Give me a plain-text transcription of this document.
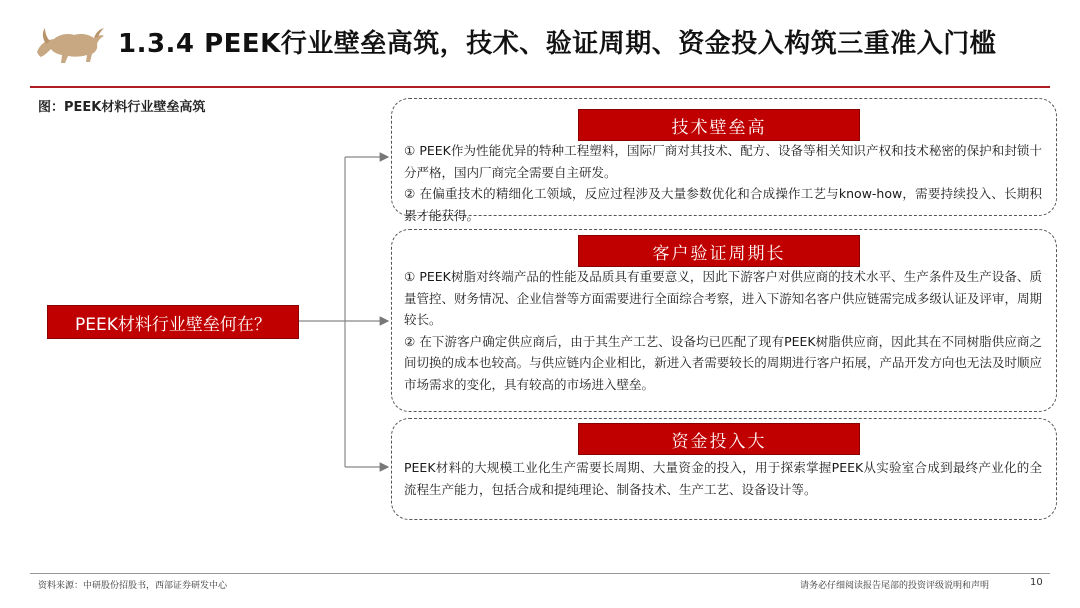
1.3.4 PEEK行业壁垒高筑，技术、验证周期、资金投入构筑三重准入门槛
图：PEEK材料行业壁垒高筑
PEEK材料行业壁垒何在？
技术壁垒高

① PEEK作为性能优异的特种工程塑料，国际厂商对其技术、配方、设备等相关知识产权和技术秘密的保护和封锁十分严格，国内厂商完全需要自主研发。

② 在偏重技术的精细化工领域，反应过程涉及大量参数优化和合成操作工艺与know-how，需要持续投入、长期积累才能获得。

客户验证周期长

① PEEK树脂对终端产品的性能及品质具有重要意义，因此下游客户对供应商的技术水平、生产条件及生产设备、质量管控、财务情况、企业信誉等方面需要进行全面综合考察，进入下游知名客户供应链需完成多级认证及评审，周期较长。

② 在下游客户确定供应商后，由于其生产工艺、设备均已匹配了现有PEEK树脂供应商，因此其在不同树脂供应商之间切换的成本也较高。与供应链内企业相比，新进入者需要较长的周期进行客户拓展，产品开发方向也无法及时顺应市场需求的变化，具有较高的市场进入壁垒。

资金投入大

PEEK材料的大规模工业化生产需要长周期、大量资金的投入，用于探索掌握PEEK从实验室合成到最终产业化的全流程生产能力，包括合成和提纯理论、制备技术、生产工艺、设备设计等。

资料来源：中研股份招股书，西部证券研发中心	请务必仔细阅读报告尾部的投资评级说明和声明	10
